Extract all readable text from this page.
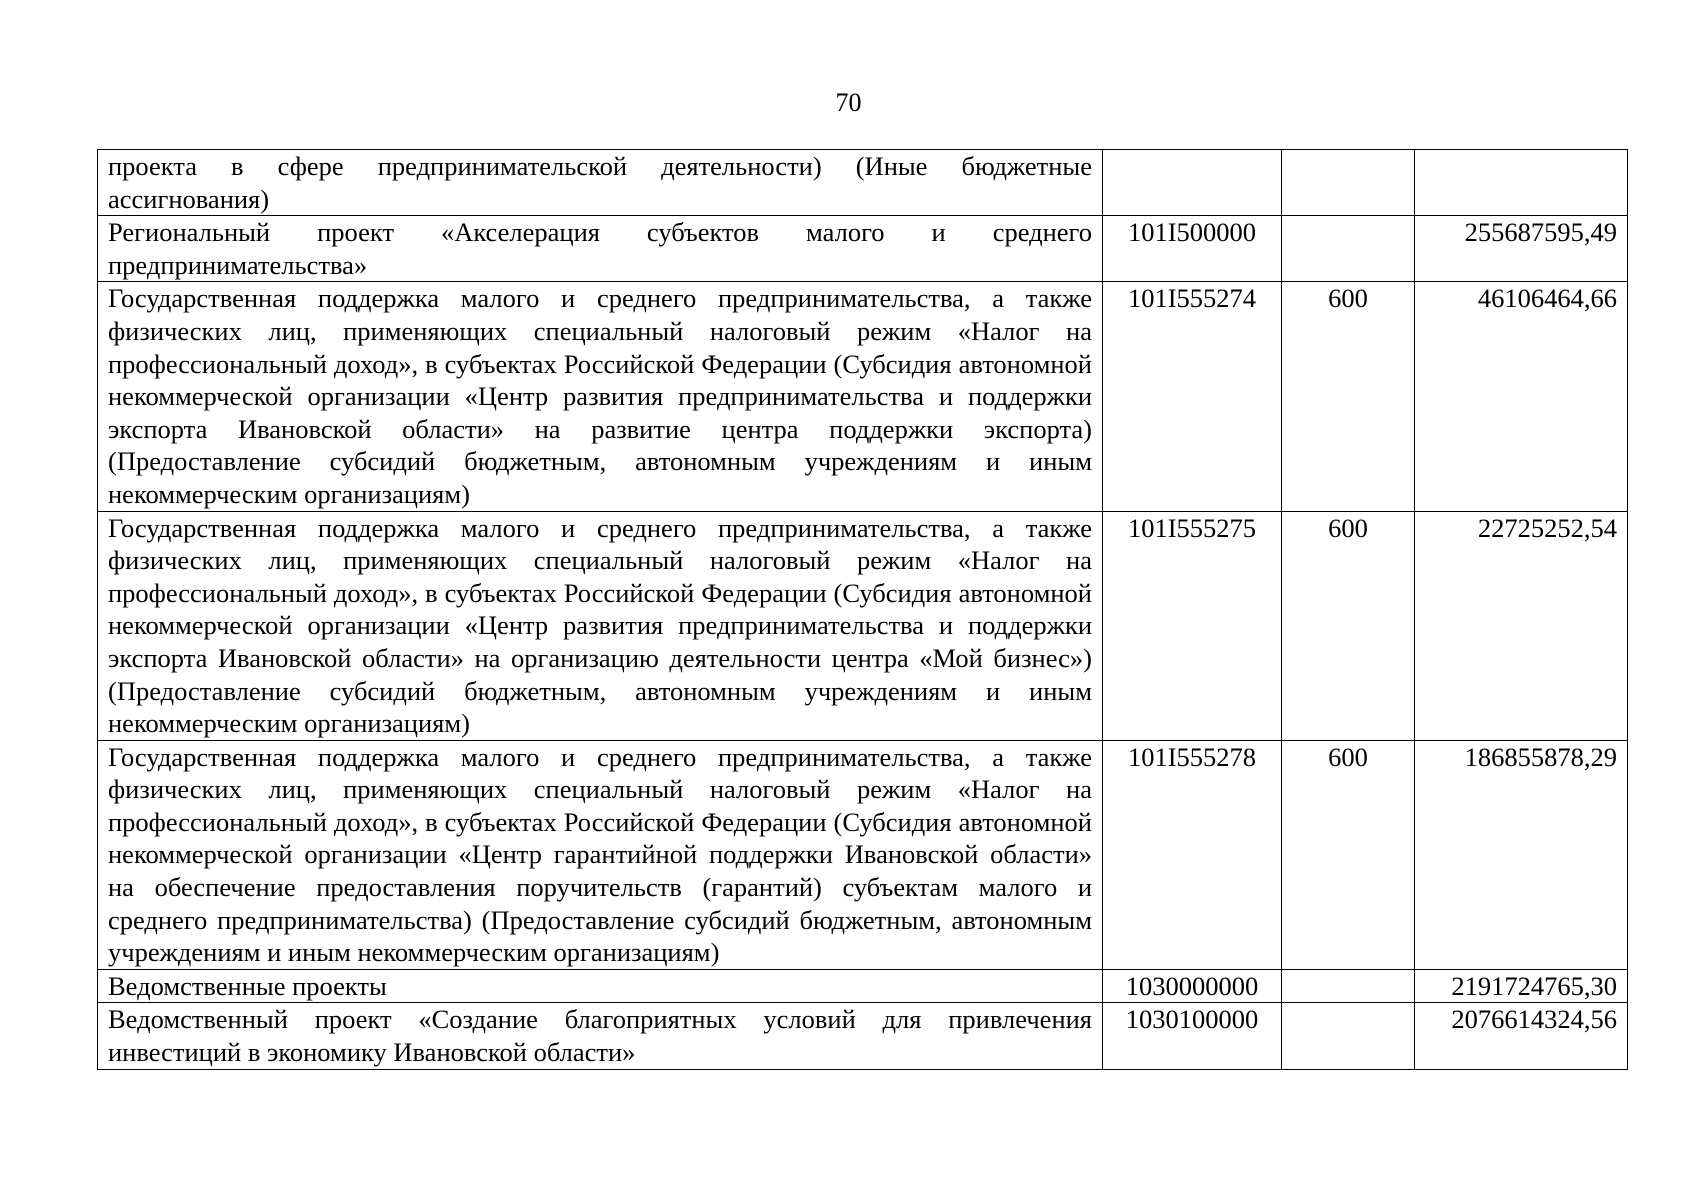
70
проекта в сфере предпринимательской деятельности) (Иные бюджетные ассигнования)			
Региональный проект «Акселерация субъектов малого и среднего предпринимательства»	101I500000		255687595,49
Государственная поддержка малого и среднего предпринимательства, а также физических лиц, применяющих специальный налоговый режим «Налог на профессиональный доход», в субъектах Российской Федерации (Субсидия автономной некоммерческой организации «Центр развития предпринимательства и поддержки экспорта Ивановской области» на развитие центра поддержки экспорта) (Предоставление субсидий бюджетным, автономным учреждениям и иным некоммерческим организациям)	101I555274	600	46106464,66
Государственная поддержка малого и среднего предпринимательства, а также физических лиц, применяющих специальный налоговый режим «Налог на профессиональный доход», в субъектах Российской Федерации (Субсидия автономной некоммерческой организации «Центр развития предпринимательства и поддержки экспорта Ивановской области» на организацию деятельности центра «Мой бизнес») (Предоставление субсидий бюджетным, автономным учреждениям и иным некоммерческим организациям)	101I555275	600	22725252,54
Государственная поддержка малого и среднего предпринимательства, а также физических лиц, применяющих специальный налоговый режим «Налог на профессиональный доход», в субъектах Российской Федерации (Субсидия автономной некоммерческой организации «Центр гарантийной поддержки Ивановской области» на обеспечение предоставления поручительств (гарантий) субъектам малого и среднего предпринимательства) (Предоставление субсидий бюджетным, автономным учреждениям и иным некоммерческим организациям)	101I555278	600	186855878,29
Ведомственные проекты	1030000000		2191724765,30
Ведомственный проект «Создание благоприятных условий для привлечения инвестиций в экономику Ивановской области»	1030100000		2076614324,56
